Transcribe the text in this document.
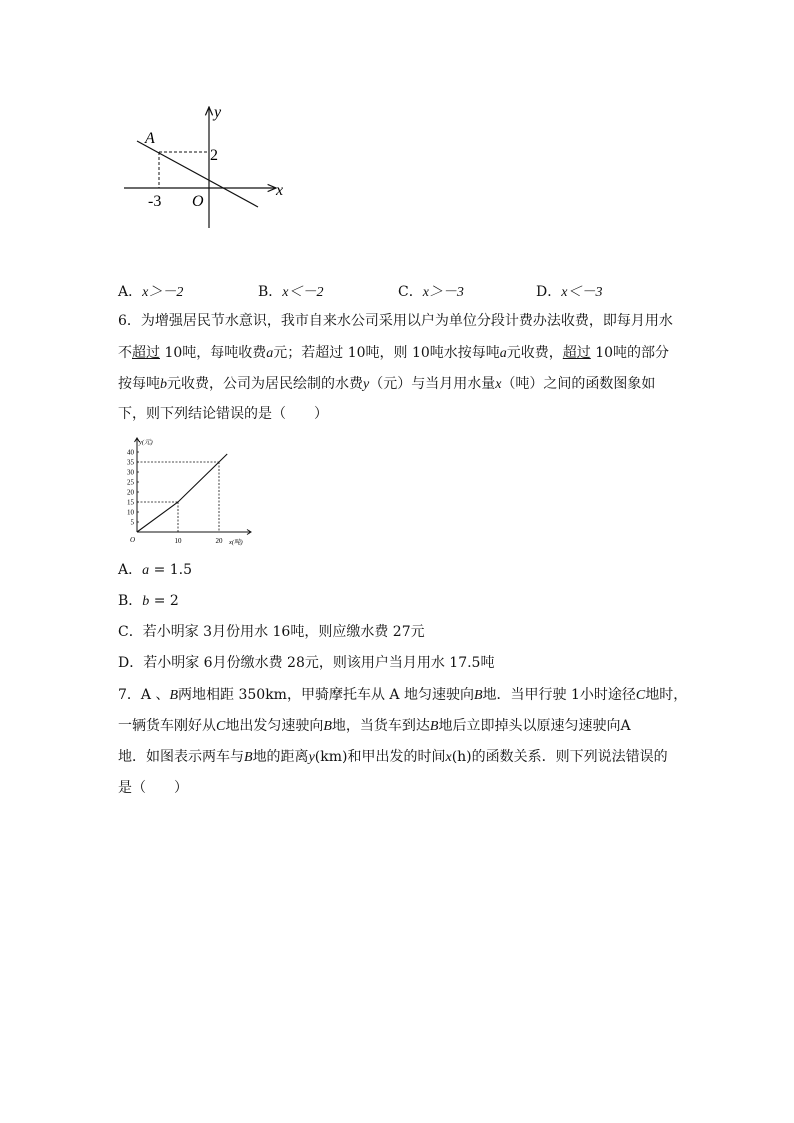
y
x
A
2
-3 O
A．x＞－2	B．x＜－2	C．x＞－3	D．x＜－3
6．为增强居民节水意识，我市自来水公司采用以户为单位分段计费办法收费，即每月用水
不超过 10吨，每吨收费a元；若超过 10吨，则 10吨水按每吨a元收费，超过 10吨的部分
按每吨b元收费，公司为居民绘制的水费y（元）与当月用水量x（吨）之间的函数图象如
下，则下列结论错误的是（　　）
40
35
30
25
20
15
10
5
10	20
O
y(元)
x(吨)
A．a = 1.5
B．b = 2
C．若小明家 3月份用水 16吨，则应缴水费 27元
D．若小明家 6月份缴水费 28元，则该用户当月用水 17.5吨
7．A 、B两地相距 350km，甲骑摩托车从 A 地匀速驶向B地．当甲行驶 1小时途径C地时，
一辆货车刚好从C地出发匀速驶向B地，当货车到达B地后立即掉头以原速匀速驶向A
地．如图表示两车与B地的距离y(km)和甲出发的时间x(h)的函数关系．则下列说法错误的
是（　　）
